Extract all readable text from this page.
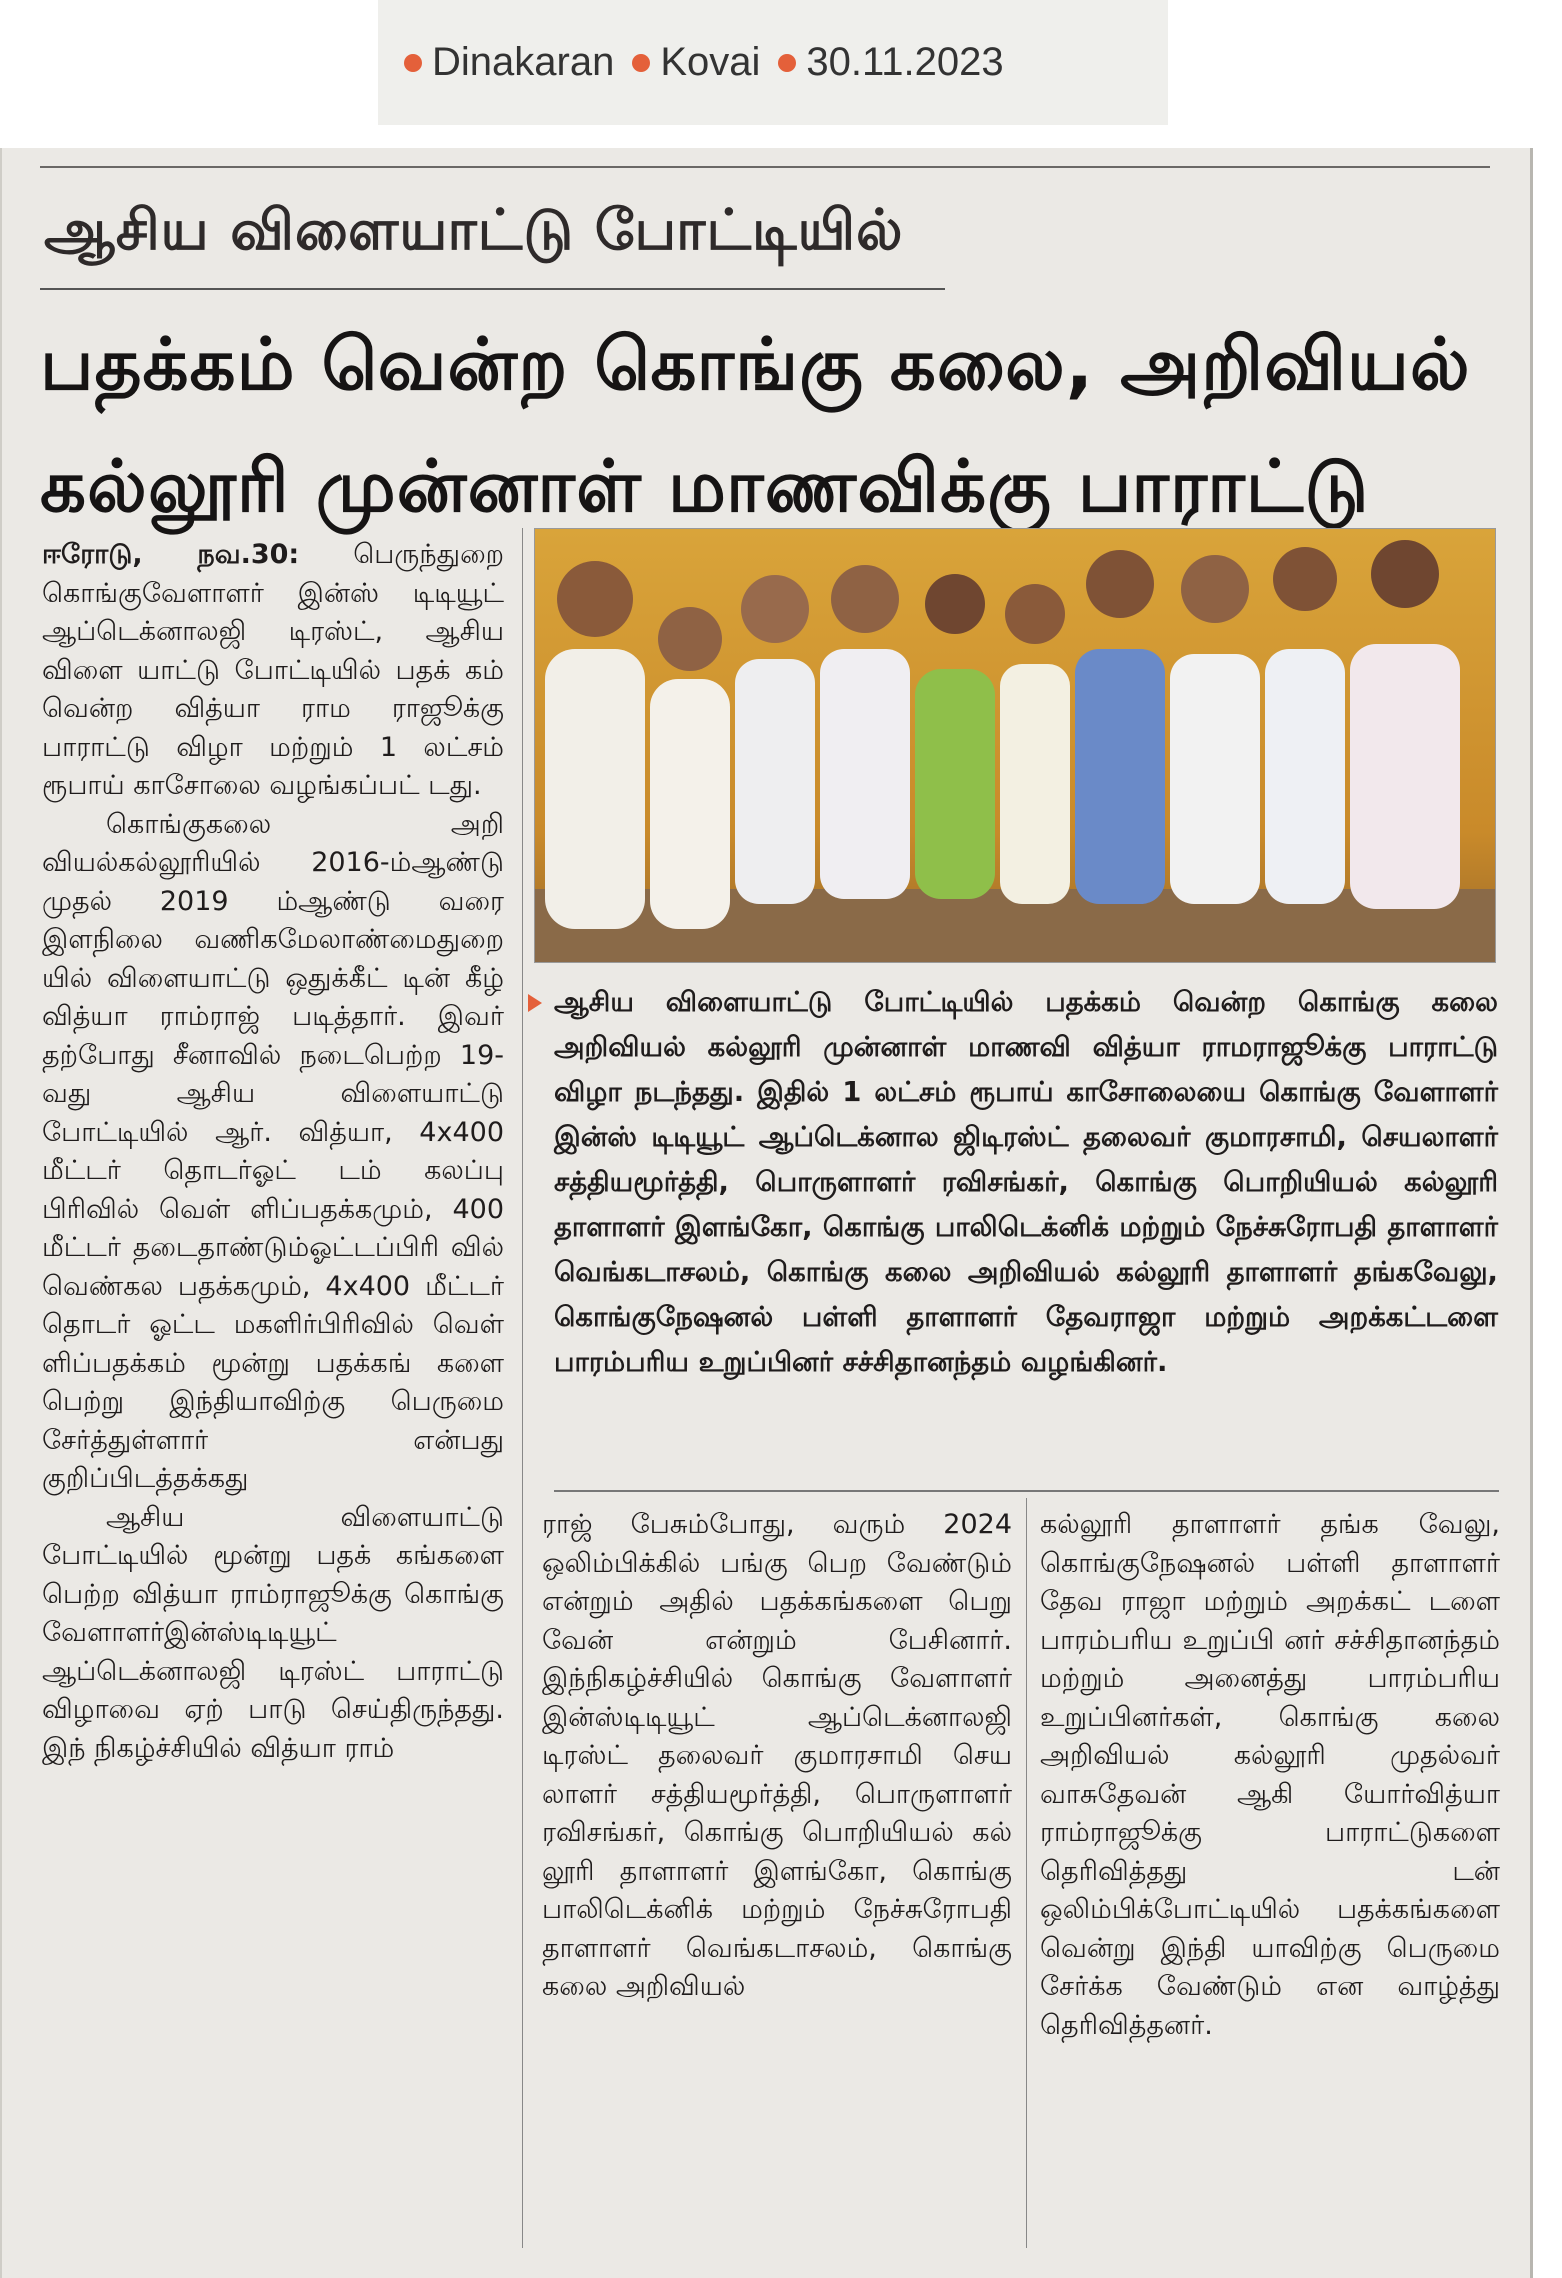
Dinakaran Kovai 30.11.2023
ஆசிய விளையாட்டு போட்டியில்
பதக்கம் வென்ற கொங்கு கலை, அறிவியல்
கல்லூரி முன்னாள் மாணவிக்கு பாராட்டு
ஆசிய விளையாட்டு போட்டியில் பதக்கம் வென்ற கொங்கு கலை அறிவியல் கல்லூரி முன்னாள் மாணவி வித்யா ராமராஜூக்கு பாராட்டு விழா நடந்தது. இதில் 1 லட்சம் ரூபாய் காசோலையை கொங்கு வேளாளர் இன்ஸ் டிடியூட் ஆப்டெக்னால ஜிடிரஸ்ட் தலைவர் குமாரசாமி, செயலாளர் சத்தியமூர்த்தி, பொருளாளர் ரவிசங்கர், கொங்கு பொறியியல் கல்லூரி தாளாளர் இளங்கோ, கொங்கு பாலிடெக்னிக் மற்றும் நேச்சுரோபதி தாளாளர் வெங்கடாசலம், கொங்கு கலை அறிவியல் கல்லூரி தாளாளர் தங்கவேலு, கொங்குநேஷனல் பள்ளி தாளாளர் தேவராஜா மற்றும் அறக்கட்டளை பாரம்பரிய உறுப்பினர் சச்சிதானந்தம் வழங்கினர்.

ஈரோடு, நவ.30: பெருந்துறை கொங்குவேளாளர் இன்ஸ் டிடியூட் ஆப்டெக்னாலஜி டிரஸ்ட், ஆசிய விளை யாட்டு போட்டியில் பதக் கம் வென்ற வித்யா ராம ராஜூக்கு பாராட்டு விழா மற்றும் 1 லட்சம் ரூபாய் காசோலை வழங்கப்பட் டது.

கொங்குகலை அறி வியல்கல்லூரியில் 2016-ம்ஆண்டு முதல் 2019 ம்ஆண்டு வரை இளநிலை வணிகமேலாண்மைதுறை யில் விளையாட்டு ஒதுக்கீட் டின் கீழ் வித்யா ராம்ராஜ் படித்தார். இவர் தற்போது சீனாவில் நடைபெற்ற 19-வது ஆசிய விளையாட்டு போட்டியில் ஆர். வித்யா, 4x400 மீட்டர் தொடர்ஓட் டம் கலப்பு பிரிவில் வெள் ளிப்பதக்கமும், 400 மீட்டர் தடைதாண்டும்ஓட்டப்பிரி வில் வெண்கல பதக்கமும், 4x400 மீட்டர் தொடர் ஓட்ட மகளிர்பிரிவில் வெள் ளிப்பதக்கம் மூன்று பதக்கங் களை பெற்று இந்தியாவிற்கு பெருமை சேர்த்துள்ளார் என்பது குறிப்பிடத்தக்கது

ஆசிய விளையாட்டு போட்டியில் மூன்று பதக் கங்களை பெற்ற வித்யா ராம்ராஜூக்கு கொங்கு வேளாளர்இன்ஸ்டிடியூட் ஆப்டெக்னாலஜி டிரஸ்ட் பாராட்டு விழாவை ஏற் பாடு செய்திருந்தது. இந் நிகழ்ச்சியில் வித்யா ராம்

ராஜ் பேசும்போது, வரும் 2024 ஒலிம்பிக்கில் பங்கு பெற வேண்டும் என்றும் அதில் பதக்கங்களை பெறு வேன் என்றும் பேசினார். இந்நிகழ்ச்சியில் கொங்கு வேளாளர் இன்ஸ்டிடியூட் ஆப்டெக்னாலஜி டிரஸ்ட் தலைவர் குமாரசாமி செய லாளர் சத்தியமூர்த்தி, பொருளாளர் ரவிசங்கர், கொங்கு பொறியியல் கல் லூரி தாளாளர் இளங்கோ, கொங்கு பாலிடெக்னிக் மற்றும் நேச்சுரோபதி தாளாளர் வெங்கடாசலம், கொங்கு கலை அறிவியல்

கல்லூரி தாளாளர் தங்க வேலு, கொங்குநேஷனல் பள்ளி தாளாளர் தேவ ராஜா மற்றும் அறக்கட் டளை பாரம்பரிய உறுப்பி னர் சச்சிதானந்தம் மற்றும் அனைத்து பாரம்பரிய உறுப்பினர்கள், கொங்கு கலை அறிவியல் கல்லூரி முதல்வர் வாசுதேவன் ஆகி யோர்வித்யா ராம்ராஜூக்கு பாராட்டுகளை தெரிவித்தது டன் ஒலிம்பிக்போட்டியில் பதக்கங்களை வென்று இந்தி யாவிற்கு பெருமை சேர்க்க வேண்டும் என வாழ்த்து தெரிவித்தனர்.
